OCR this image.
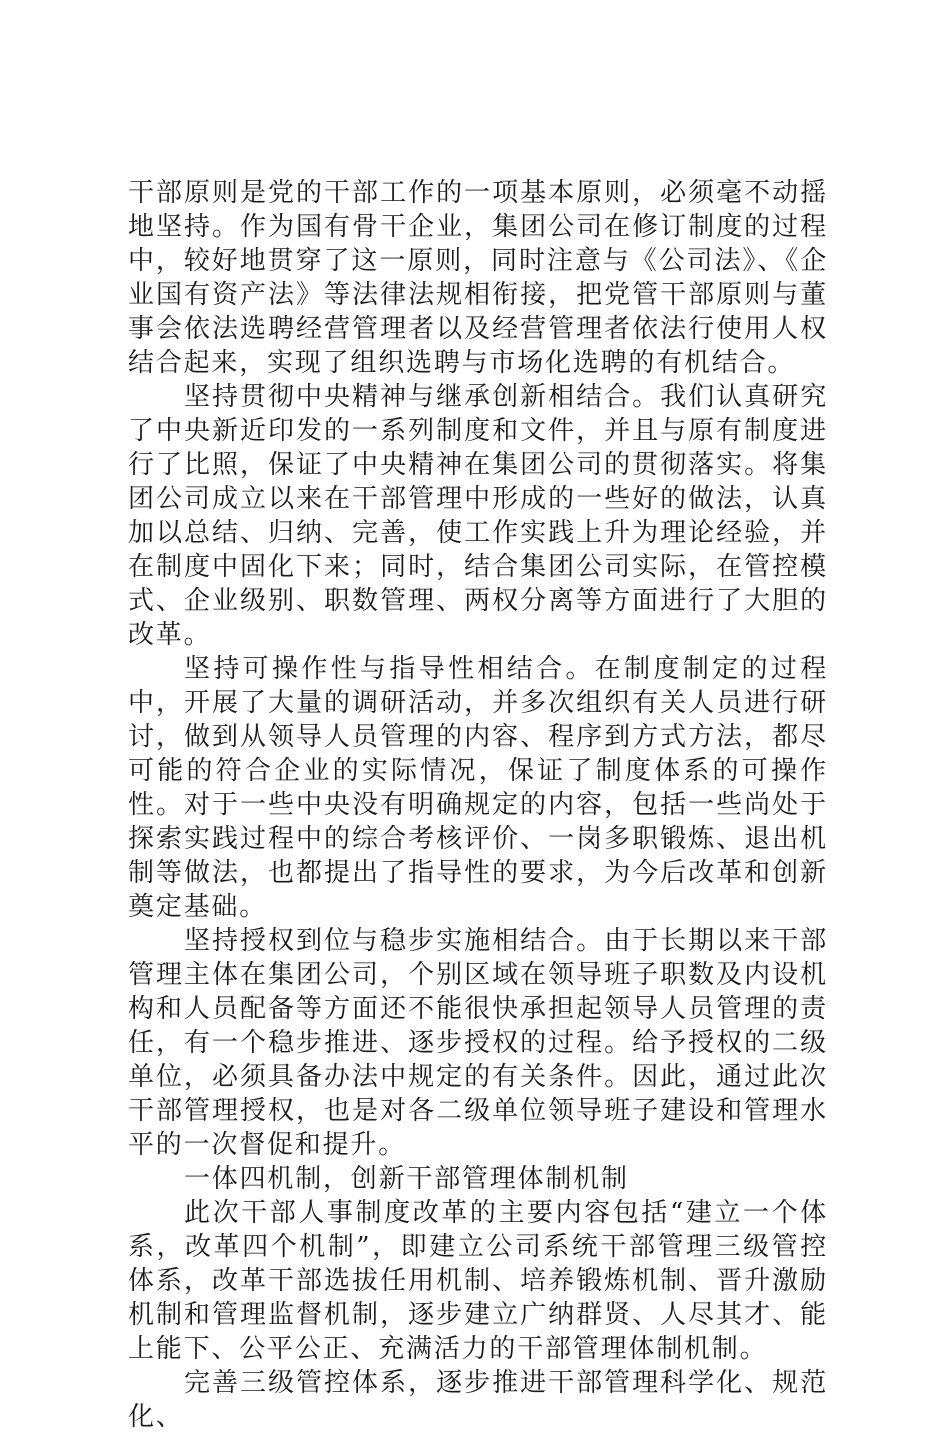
干部原则是党的干部工作的一项基本原则，必须毫不动摇地坚持。作为国有骨干企业，集团公司在修订制度的过程中，较好地贯穿了这一原则，同时注意与《公司法》、《企业国有资产法》等法律法规相衔接，把党管干部原则与董事会依法选聘经营管理者以及经营管理者依法行使用人权结合起来，实现了组织选聘与市场化选聘的有机结合。

坚持贯彻中央精神与继承创新相结合。我们认真研究了中央新近印发的一系列制度和文件，并且与原有制度进行了比照，保证了中央精神在集团公司的贯彻落实。将集团公司成立以来在干部管理中形成的一些好的做法，认真加以总结、归纳、完善，使工作实践上升为理论经验，并在制度中固化下来；同时，结合集团公司实际，在管控模式、企业级别、职数管理、两权分离等方面进行了大胆的改革。

坚持可操作性与指导性相结合。在制度制定的过程中，开展了大量的调研活动，并多次组织有关人员进行研讨，做到从领导人员管理的内容、程序到方式方法，都尽可能的符合企业的实际情况，保证了制度体系的可操作性。对于一些中央没有明确规定的内容，包括一些尚处于探索实践过程中的综合考核评价、一岗多职锻炼、退出机制等做法，也都提出了指导性的要求，为今后改革和创新奠定基础。

坚持授权到位与稳步实施相结合。由于长期以来干部管理主体在集团公司，个别区域在领导班子职数及内设机构和人员配备等方面还不能很快承担起领导人员管理的责任，有一个稳步推进、逐步授权的过程。给予授权的二级单位，必须具备办法中规定的有关条件。因此，通过此次干部管理授权，也是对各二级单位领导班子建设和管理水平的一次督促和提升。

一体四机制，创新干部管理体制机制

此次干部人事制度改革的主要内容包括“建立一个体系，改革四个机制”，即建立公司系统干部管理三级管控体系，改革干部选拔任用机制、培养锻炼机制、晋升激励机制和管理监督机制，逐步建立广纳群贤、人尽其才、能上能下、公平公正、充满活力的干部管理体制机制。

完善三级管控体系，逐步推进干部管理科学化、规范化、
